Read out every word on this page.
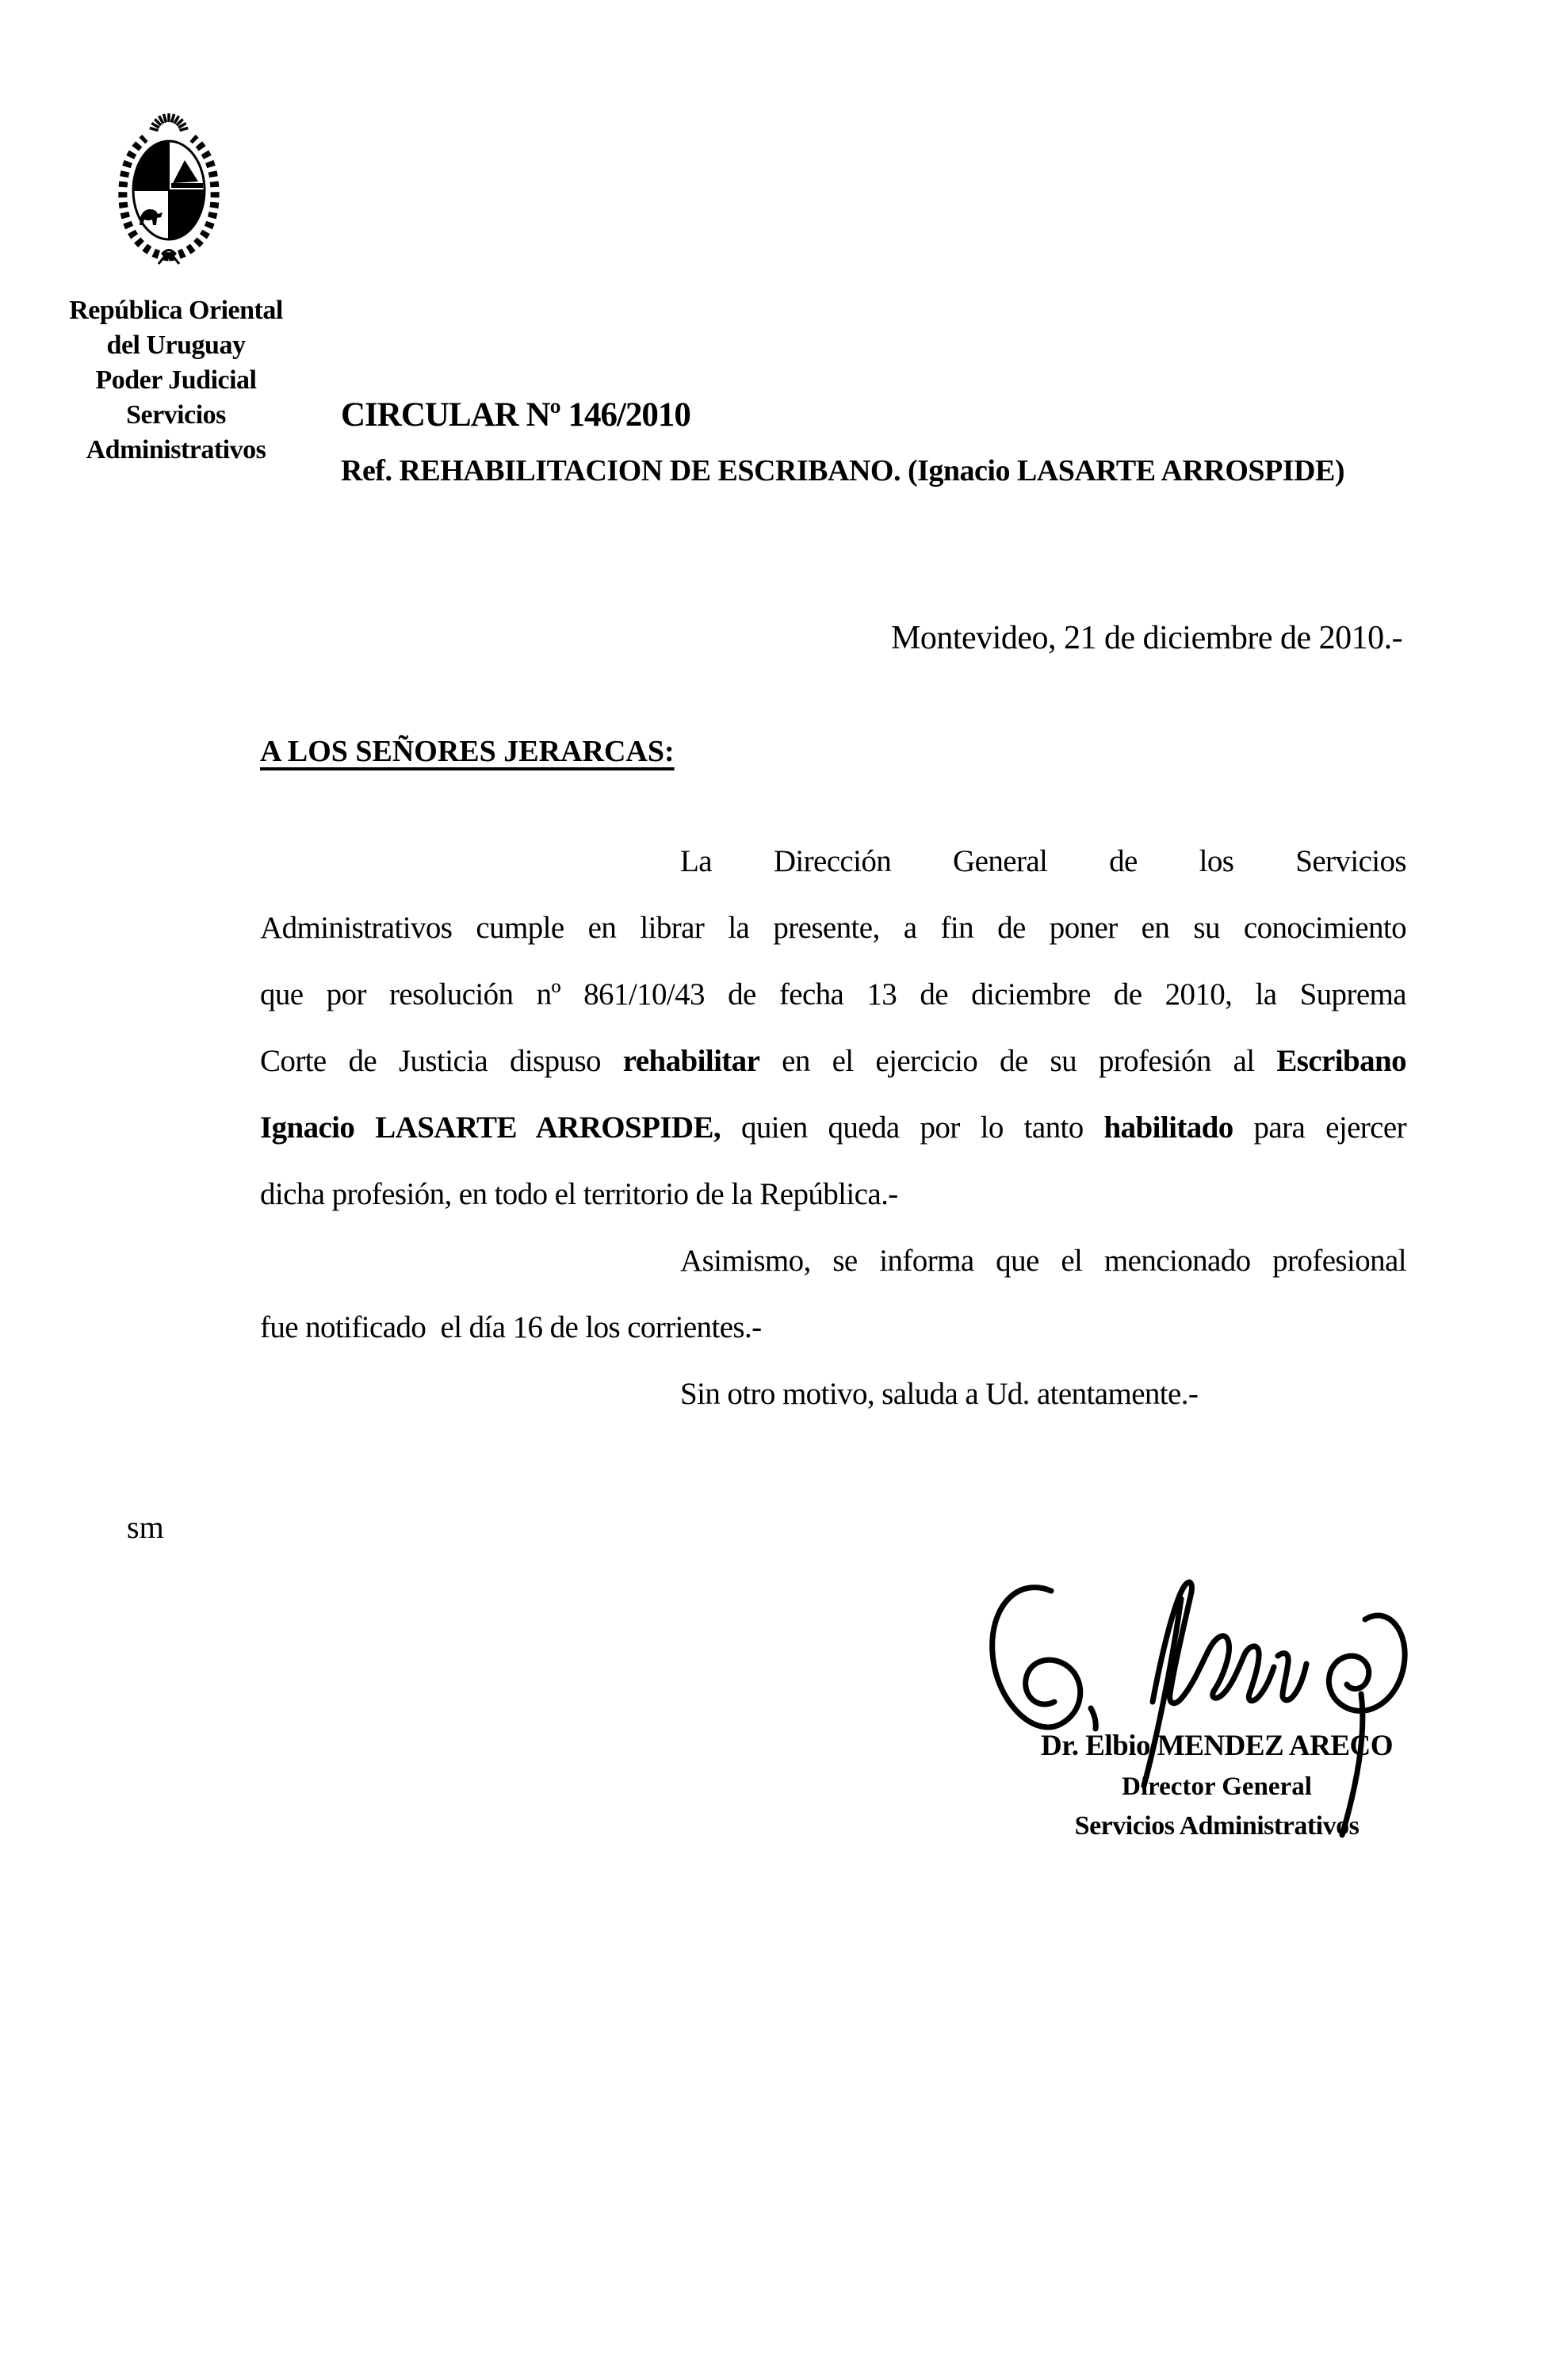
República Oriental
del Uruguay
Poder Judicial
Servicios
Administrativos
CIRCULAR Nº 146/2010
Ref. REHABILITACION DE ESCRIBANO. (Ignacio LASARTE ARROSPIDE)
Montevideo, 21 de diciembre de 2010.-
A LOS SEÑORES JERARCAS:
La Dirección General de los Servicios
Administrativos cumple en librar la presente, a fin de poner en su conocimiento
que por resolución nº 861/10/43 de fecha 13 de diciembre de 2010, la Suprema
Corte de Justicia dispuso rehabilitar en el ejercicio de su profesión al Escribano
Ignacio LASARTE ARROSPIDE, quien queda por lo tanto habilitado para ejercer
dicha profesión, en todo el territorio de la República.-
Asimismo, se informa que el mencionado profesional
fue notificado  el día 16 de los corrientes.-
Sin otro motivo, saluda a Ud. atentamente.-
sm
Dr. Elbio MENDEZ ARECO
Director General
Servicios Administrativos
